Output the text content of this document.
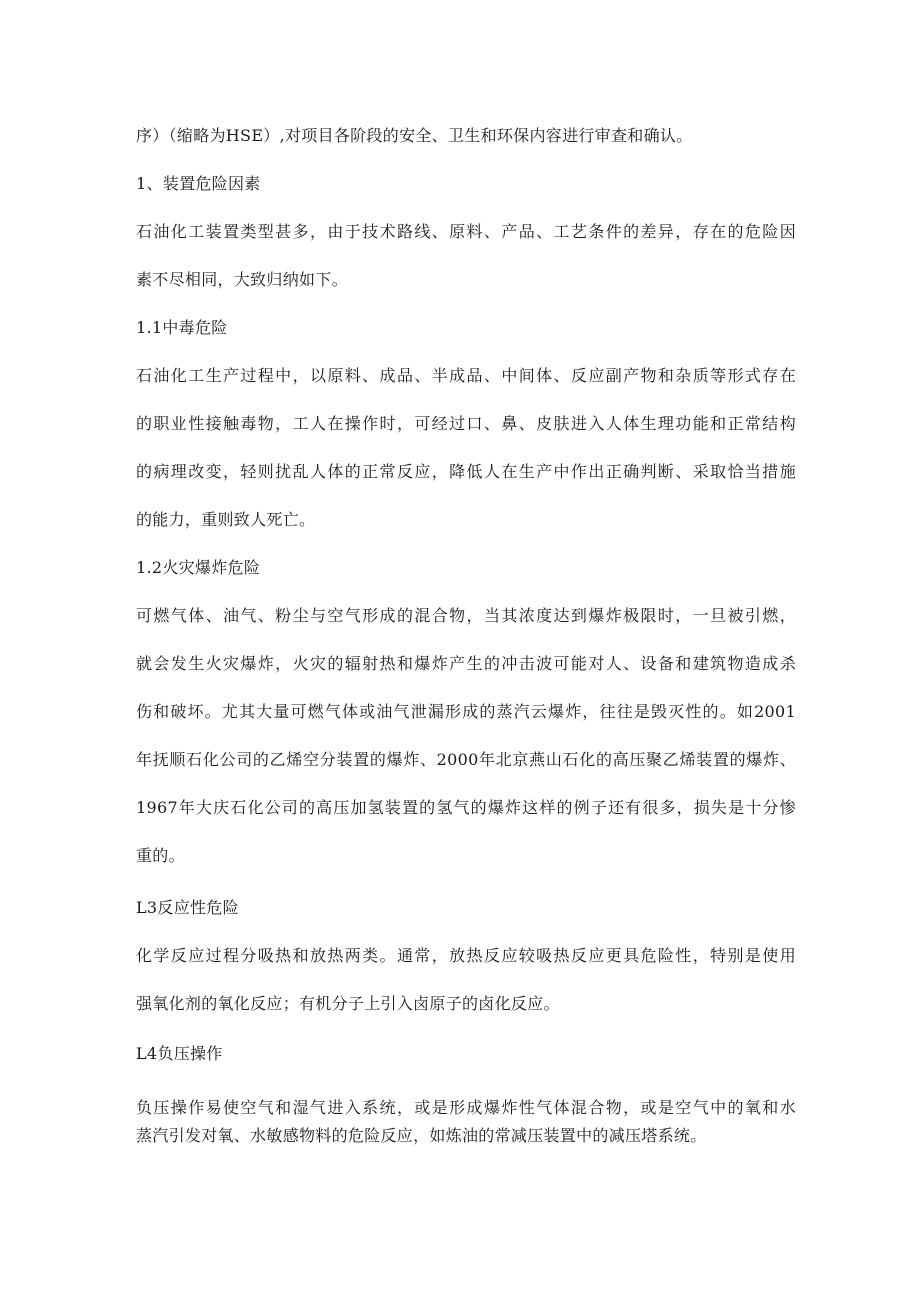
序）（缩略为HSE）,对项目各阶段的安全、卫生和环保内容进行审查和确认。
1、装置危险因素
石油化工装置类型甚多，由于技术路线、原料、产品、工艺条件的差异，存在的危险因
素不尽相同，大致归纳如下。
1.1中毒危险
石油化工生产过程中，以原料、成品、半成品、中间体、反应副产物和杂质等形式存在
的职业性接触毒物，工人在操作时，可经过口、鼻、皮肤进入人体生理功能和正常结构
的病理改变，轻则扰乱人体的正常反应，降低人在生产中作出正确判断、采取恰当措施
的能力，重则致人死亡。
1.2火灾爆炸危险
可燃气体、油气、粉尘与空气形成的混合物，当其浓度达到爆炸极限时，一旦被引燃，
就会发生火灾爆炸，火灾的辐射热和爆炸产生的冲击波可能对人、设备和建筑物造成杀
伤和破坏。尤其大量可燃气体或油气泄漏形成的蒸汽云爆炸，往往是毁灭性的。如2001
年抚顺石化公司的乙烯空分装置的爆炸、2000年北京燕山石化的高压聚乙烯装置的爆炸、
1967年大庆石化公司的高压加氢装置的氢气的爆炸这样的例子还有很多，损失是十分惨
重的。
L3反应性危险
化学反应过程分吸热和放热两类。通常，放热反应较吸热反应更具危险性，特别是使用
强氧化剂的氧化反应；有机分子上引入卤原子的卤化反应。
L4负压操作
负压操作易使空气和湿气进入系统，或是形成爆炸性气体混合物，或是空气中的氧和水
蒸汽引发对氧、水敏感物料的危险反应，如炼油的常减压装置中的减压塔系统。
